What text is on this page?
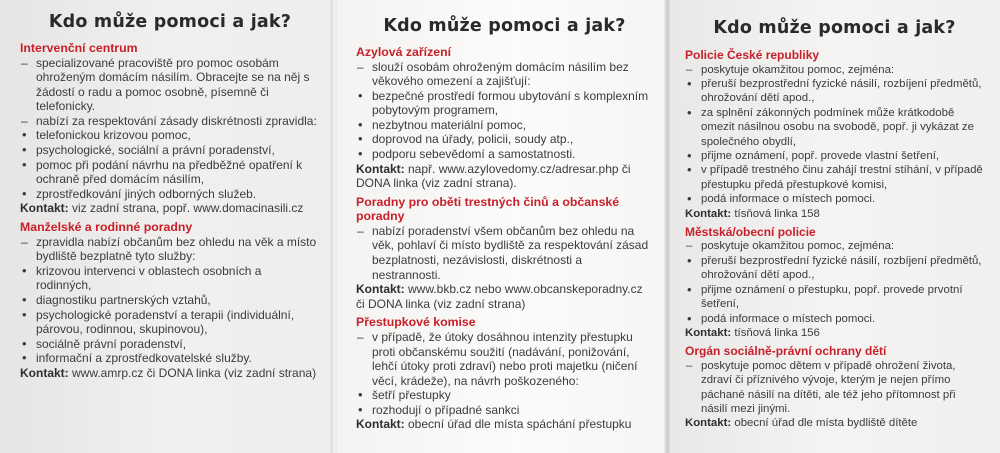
Kdo může pomoci a jak?
Intervenční centrum
– specializované pracoviště pro pomoc osobám ohroženým domácím násilím. Obracejte se na něj s žádostí o radu a pomoc osobně, písemně či telefonicky.
– nabízí za respektování zásady diskrétnosti zpravidla:
• telefonickou krizovou pomoc,
• psychologické, sociální a právní poradenství,
• pomoc při podání návrhu na předběžné opatření k ochraně před domácím násilím,
• zprostředkování jiných odborných služeb.

Kontakt: viz zadní strana, popř. www.domacinasili.cz

Manželské a rodinné poradny
– zpravidla nabízí občanům bez ohledu na věk a místo bydliště bezplatně tyto služby:
• krizovou intervenci v oblastech osobních a rodinných,
• diagnostiku partnerských vztahů,
• psychologické poradenství a terapii (individuální, párovou, rodinnou, skupinovou),
• sociálně právní poradenství,
• informační a zprostředkovatelské služby.

Kontakt: www.amrp.cz či DONA linka (viz zadní strana)

Kdo může pomoci a jak?
Azylová zařízení
– slouží osobám ohroženým domácím násilím bez věkového omezení a zajišťují:
• bezpečné prostředí formou ubytování s komplexním pobytovým programem,
• nezbytnou materiální pomoc,
• doprovod na úřady, policii, soudy atp.,
• podporu sebevědomí a samostatnosti.

Kontakt: např. www.azylovedomy.cz/adresar.php či DONA linka (viz zadní strana).

Poradny pro oběti trestných činů a občanské poradny
– nabízí poradenství všem občanům bez ohledu na věk, pohlaví či místo bydliště za respektování zásad bezplatnosti, nezávislosti, diskrétnosti a nestrannosti.

Kontakt: www.bkb.cz nebo www.obcanskeporadny.cz či DONA linka (viz zadní strana)

Přestupkové komise
– v případě, že útoky dosáhnou intenzity přestupku proti občanskému soužití (nadávání, ponižování, lehčí útoky proti zdraví) nebo proti majetku (ničení věcí, krádeže), na návrh poškozeného:
• šetří přestupky
• rozhodují o případné sankci

Kontakt: obecní úřad dle místa spáchání přestupku

Kdo může pomoci a jak?
Policie České republiky
– poskytuje okamžitou pomoc, zejména:
• přeruší bezprostřední fyzické násilí, rozbíjení předmětů, ohrožování dětí apod.,
• za splnění zákonných podmínek může krátkodobě omezit násilnou osobu na svobodě, popř. ji vykázat ze společného obydlí,
• přijme oznámení, popř. provede vlastní šetření,
• v případě trestného činu zahájí trestní stíhání, v případě přestupku předá přestupkové komisi,
• podá informace o místech pomoci.

Kontakt: tísňová linka 158

Městská/obecní policie
– poskytuje okamžitou pomoc, zejména:
• přeruší bezprostřední fyzické násilí, rozbíjení předmětů, ohrožování dětí apod.,
• přijme oznámení o přestupku, popř. provede prvotní šetření,
• podá informace o místech pomoci.

Kontakt: tísňová linka 156

Orgán sociálně-právní ochrany dětí
– poskytuje pomoc dětem v případě ohrožení života, zdraví či příznivého vývoje, kterým je nejen přímo páchané násilí na dítěti, ale též jeho přítomnost při násilí mezi jinými.

Kontakt: obecní úřad dle místa bydliště dítěte
